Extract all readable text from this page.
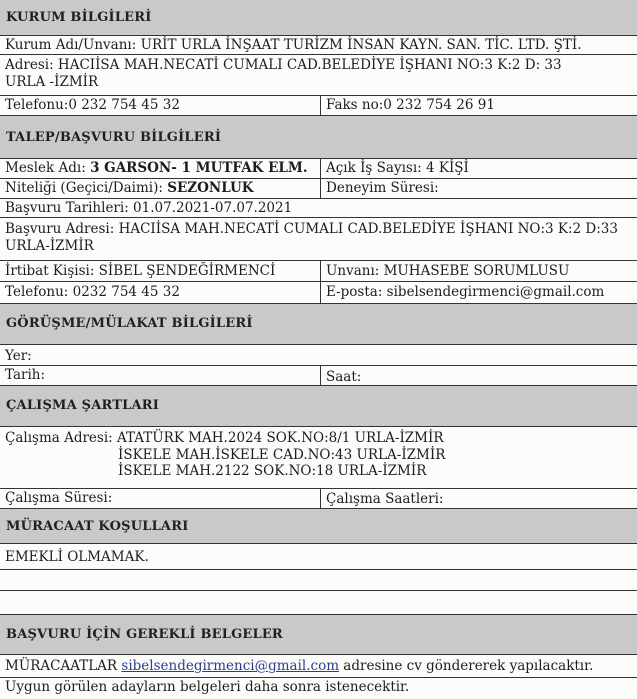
KURUM BİLGİLERİ
Kurum Adı/Unvanı: URİT URLA İNŞAAT TURİZM İNSAN KAYN. SAN. TİC. LTD. ŞTİ.
Adresi: HACIİSA MAH.NECATİ CUMALI CAD.BELEDİYE İŞHANI NO:3 K:2 D: 33
URLA -İZMİR
Telefonu:0 232 754 45 32	Faks no:0 232 754 26 91
TALEP/BAŞVURU BİLGİLERİ
Meslek Adı: 3 GARSON- 1 MUTFAK ELM.	Açık İş Sayısı: 4 KİŞİ
Niteliği (Geçici/Daimi): SEZONLUK	Deneyim Süresi:
Başvuru Tarihleri: 01.07.2021-07.07.2021
Başvuru Adresi: HACIİSA MAH.NECATİ CUMALI CAD.BELEDİYE İŞHANI NO:3 K:2 D:33
URLA-İZMİR
İrtibat Kişisi: SİBEL ŞENDEĞİRMENCİ	Unvanı: MUHASEBE SORUMLUSU
Telefonu: 0232 754 45 32	E-posta: sibelsendegirmenci@gmail.com
GÖRÜŞME/MÜLAKAT BİLGİLERİ
Yer:
Tarih:	Saat:
ÇALIŞMA ŞARTLARI
Çalışma Adresi: ATATÜRK MAH.2024 SOK.NO:8/1 URLA-İZMİR
İSKELE MAH.İSKELE CAD.NO:43 URLA-İZMİR
İSKELE MAH.2122 SOK.NO:18 URLA-İZMİR
Çalışma Süresi:	Çalışma Saatleri:
MÜRACAAT KOŞULLARI
EMEKLİ OLMAMAK.
BAŞVURU İÇİN GEREKLİ BELGELER
MÜRACAATLAR sibelsendegirmenci@gmail.com adresine cv göndererek yapılacaktır.
Uygun görülen adayların belgeleri daha sonra istenecektir.
